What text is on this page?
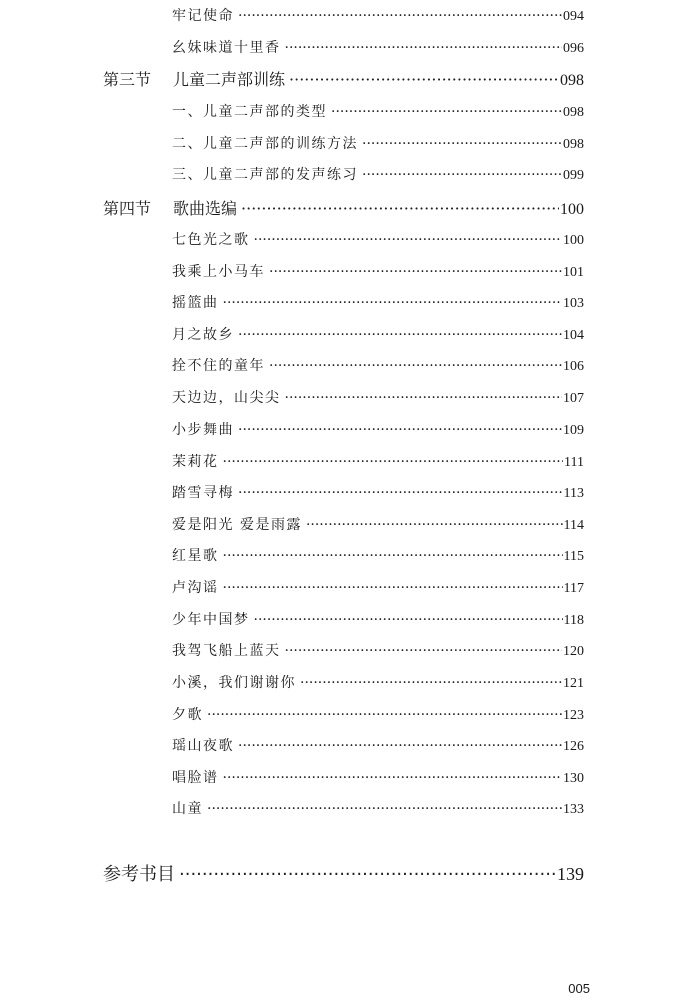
牢记使命 ·····	094
幺妹味道十里香 ·····	096
第三节	儿童二声部训练 ·····	098
一、儿童二声部的类型 ·····	098
二、儿童二声部的训练方法 ·····	098
三、儿童二声部的发声练习 ·····	099
第四节	歌曲选编 ·····	100
七色光之歌 ·····	100
我乘上小马车 ·····	101
摇篮曲 ·····	103
月之故乡 ·····	104
拴不住的童年 ·····	106
天边边，山尖尖 ·····	107
小步舞曲 ·····	109
茉莉花 ·····	111
踏雪寻梅 ·····	113
爱是阳光 爱是雨露 ·····	114
红星歌 ·····	115
卢沟谣 ·····	117
少年中国梦 ·····	118
我驾飞船上蓝天 ·····	120
小溪，我们谢谢你 ·····	121
夕歌 ·····	123
瑶山夜歌 ·····	126
唱脸谱 ·····	130
山童 ·····	133
参考书目 ·····	139
005
